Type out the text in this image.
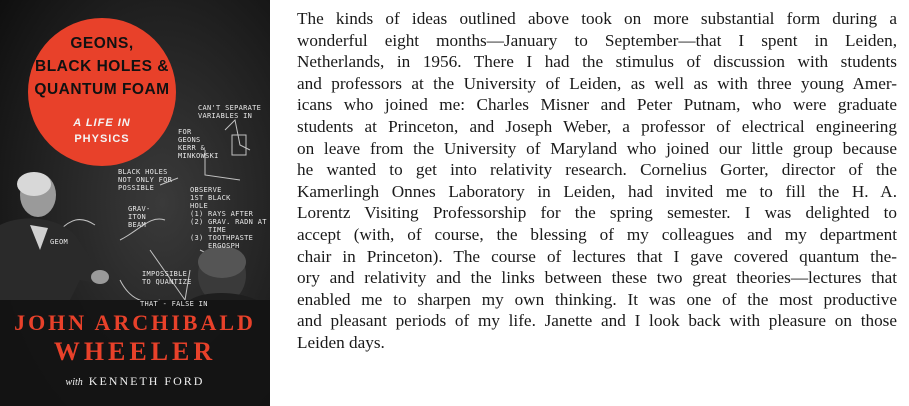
CAN'T SEPARATE
VARIABLES IN
FOR
GEONS
KERR &
MINKOWSKI
BLACK HOLES
NOT ONLY FOR
POSSIBLE	OBSERVE
1ST BLACK
HOLE
(1) RAYS AFTER
(2) GRAV. RADN AT
TIME
(3) TOOTHPASTE
ERGOSPH
GRAV-
ITON
BEAM
IMPOSSIBLE
TO QUANTIZE
THAT - FALSE IN
GEOM
GEONS,
BLACK HOLES &
QUANTUM FOAM
A LIFE IN
PHYSICS
JOHN ARCHIBALD
WHEELER
with KENNETH FORD
The kinds of ideas outlined above took on more substantial form during a
wonderful eight months—January to September—that I spent in Leiden,
Netherlands, in 1956. There I had the stimulus of discussion with students
and professors at the University of Leiden, as well as with three young Amer-
icans who joined me: Charles Misner and Peter Putnam, who were graduate
students at Princeton, and Joseph Weber, a professor of electrical engineering
on leave from the University of Maryland who joined our little group because
he wanted to get into relativity research. Cornelius Gorter, director of the
Kamerlingh Onnes Laboratory in Leiden, had invited me to fill the H. A.
Lorentz Visiting Professorship for the spring semester. I was delighted to
accept (with, of course, the blessing of my colleagues and my department
chair in Princeton). The course of lectures that I gave covered quantum the-
ory and relativity and the links between these two great theories—lectures that
enabled me to sharpen my own thinking. It was one of the most productive
and pleasant periods of my life. Janette and I look back with pleasure on those
Leiden days.
